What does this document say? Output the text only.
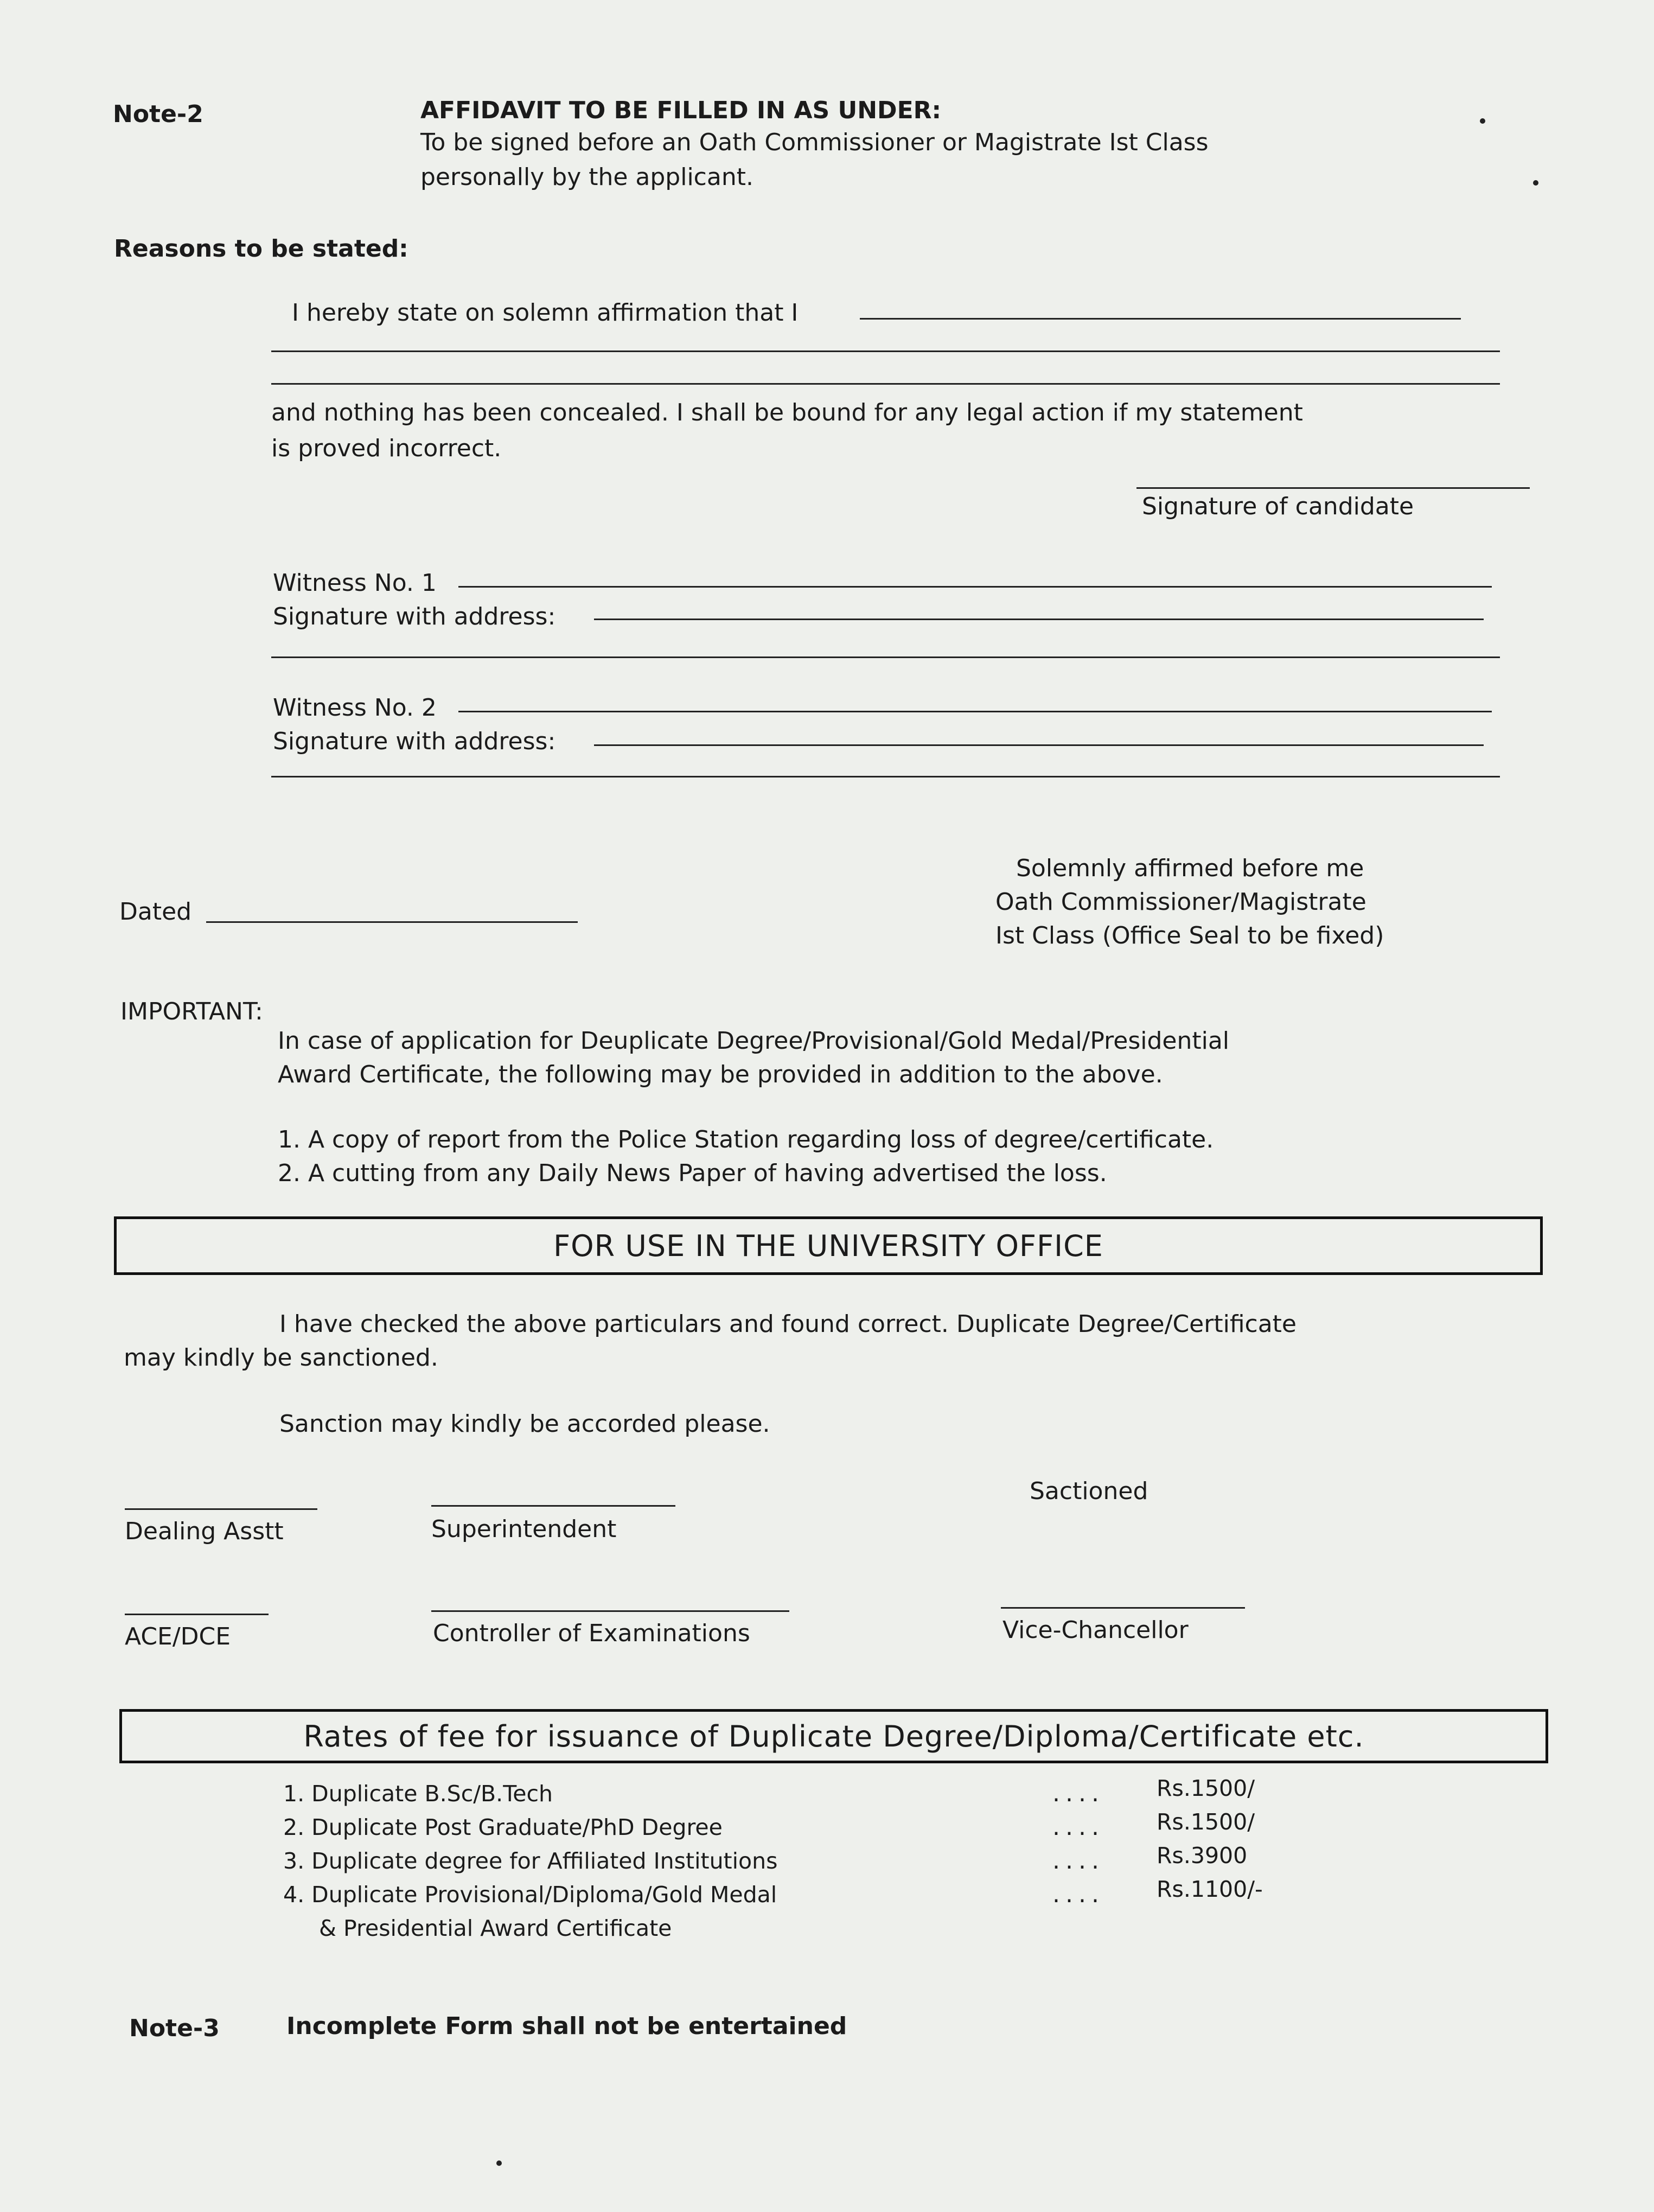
Note-2	AFFIDAVIT TO BE FILLED IN AS UNDER:
To be signed before an Oath Commissioner or Magistrate Ist Class
personally by the applicant.
Reasons to be stated:
I hereby state on solemn affirmation that I
and nothing has been concealed. I shall be bound for any legal action if my statement
is proved incorrect.
Signature of candidate
Witness No. 1
Signature with address:
Witness No. 2
Signature with address:
Solemnly affirmed before me
Oath Commissioner/Magistrate
Ist Class (Office Seal to be fixed)
Dated
IMPORTANT:
In case of application for Deuplicate Degree/Provisional/Gold Medal/Presidential
Award Certificate, the following may be provided in addition to the above.
1. A copy of report from the Police Station regarding loss of degree/certificate.
2. A cutting from any Daily News Paper of having advertised the loss.
FOR USE IN THE UNIVERSITY OFFICE
I have checked the above particulars and found correct. Duplicate Degree/Certificate
may kindly be sanctioned.
Sanction may kindly be accorded please.
Sactioned
Dealing Asstt	Superintendent
ACE/DCE	Controller of Examinations	Vice-Chancellor
Rates of fee for issuance of Duplicate Degree/Diploma/Certificate etc.
1. Duplicate B.Sc/B.Tech	.... Rs.1500/
2. Duplicate Post Graduate/PhD Degree	.... Rs.1500/
3. Duplicate degree for Affiliated Institutions	.... Rs.3900
4. Duplicate Provisional/Diploma/Gold Medal	.... Rs.1100/-
& Presidential Award Certificate
Note-3	Incomplete Form shall not be entertained
